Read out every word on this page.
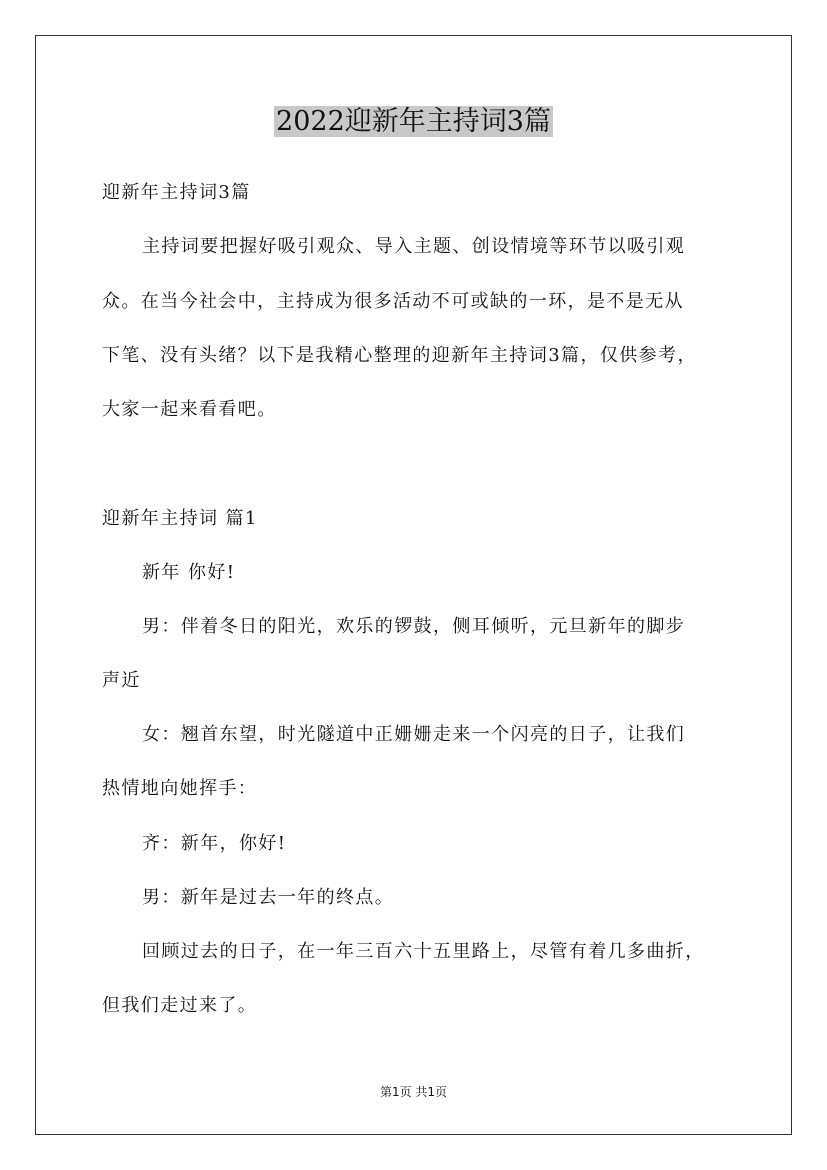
2022迎新年主持词3篇
迎新年主持词3篇
主持词要把握好吸引观众、导入主题、创设情境等环节以吸引观
众。在当今社会中，主持成为很多活动不可或缺的一环，是不是无从
下笔、没有头绪？以下是我精心整理的迎新年主持词3篇，仅供参考，
大家一起来看看吧。
迎新年主持词 篇1
新年 你好!
男：伴着冬日的阳光，欢乐的锣鼓，侧耳倾听，元旦新年的脚步
声近
女：翘首东望，时光隧道中正姗姗走来一个闪亮的日子，让我们
热情地向她挥手：
齐：新年，你好!
男：新年是过去一年的终点。
回顾过去的日子，在一年三百六十五里路上，尽管有着几多曲折，
但我们走过来了。
第1页 共1页
